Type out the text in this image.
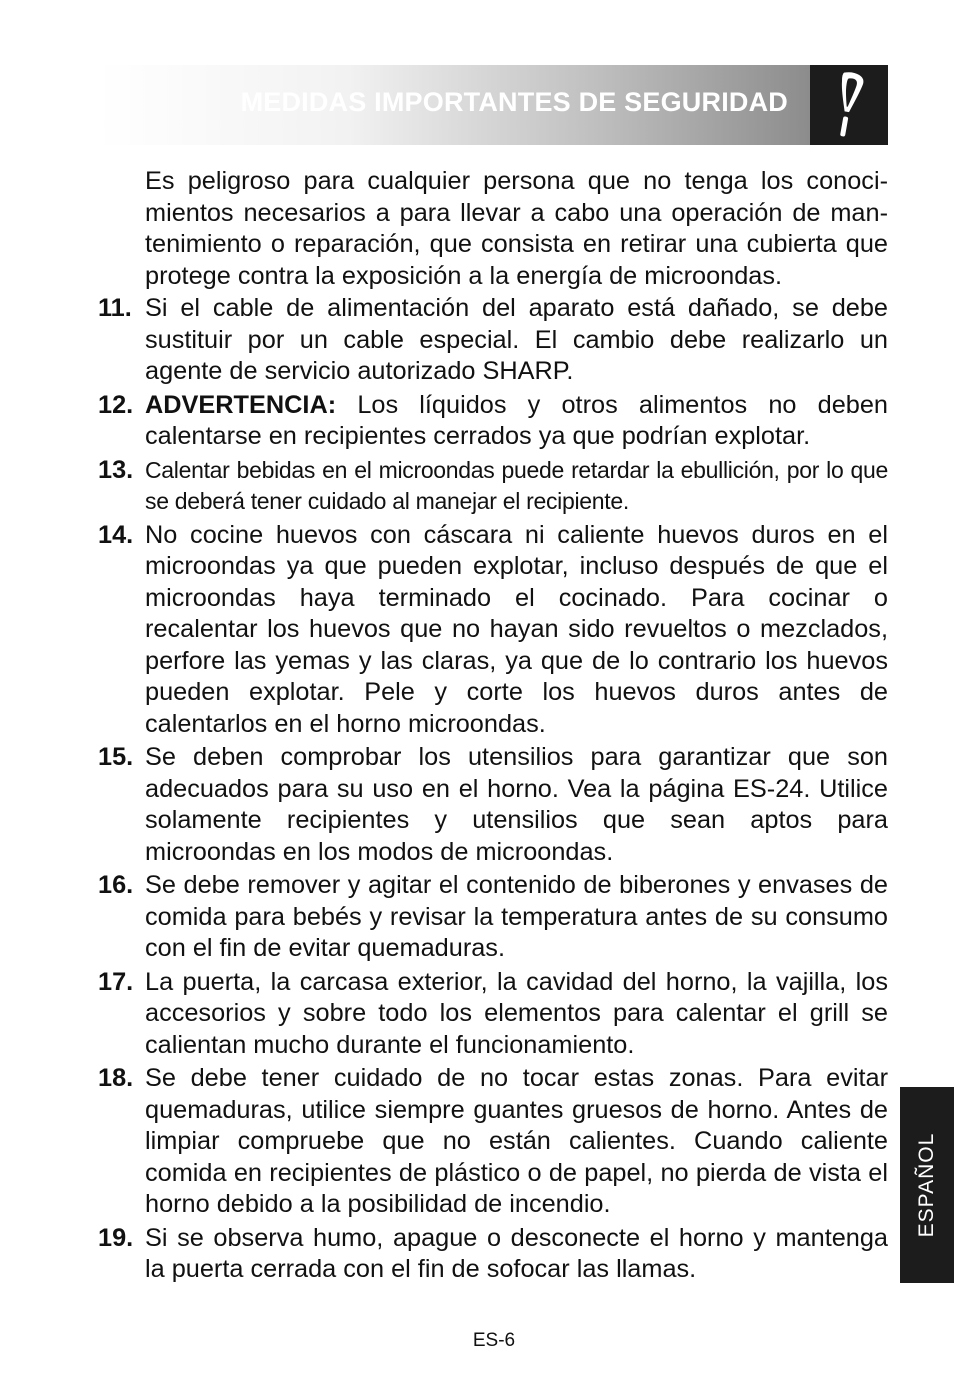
MEDIDAS IMPORTANTES DE SEGURIDAD

Es peligroso para cualquier persona que no tenga los conocimientos necesarios a para llevar a cabo una operación de mantenimiento o reparación, que consista en retirar una cubierta que protege contra la exposición a la energía de microondas.

11. Si el cable de alimentación del aparato está dañado, se debe sustituir por un cable especial. El cambio debe realizarlo un agente de servicio autorizado SHARP.
12. ADVERTENCIA: Los líquidos y otros alimentos no deben calentarse en recipientes cerrados ya que podrían explotar.
13. Calentar bebidas en el microondas puede retardar la ebullición, por lo que se deberá tener cuidado al manejar el recipiente.
14. No cocine huevos con cáscara ni caliente huevos duros en el microondas ya que pueden explotar, incluso después de que el microondas haya terminado el cocinado. Para cocinar o recalentar los huevos que no hayan sido revueltos o mezclados, perfore las yemas y las claras, ya que de lo contrario los huevos pueden explotar. Pele y corte los huevos duros antes de calentarlos en el horno microondas.
15. Se deben comprobar los utensilios para garantizar que son adecuados para su uso en el horno. Vea la página ES-24. Utilice solamente recipientes y utensilios que sean aptos para microondas en los modos de microondas.
16. Se debe remover y agitar el contenido de biberones y envases de comida para bebés y revisar la temperatura antes de su consumo con el fin de evitar quemaduras.
17. La puerta, la carcasa exterior, la cavidad del horno, la vajilla, los accesorios y sobre todo los elementos para calentar el grill se calientan mucho durante el funcionamiento.
18. Se debe tener cuidado de no tocar estas zonas. Para evitar quemaduras, utilice siempre guantes gruesos de horno. Antes de limpiar compruebe que no están calientes. Cuando caliente comida en recipientes de plástico o de papel, no pierda de vista el horno debido a la posibilidad de incendio.
19. Si se observa humo, apague o desconecte el horno y mantenga la puerta cerrada con el fin de sofocar las llamas.
ESPAÑOL
ES-6
